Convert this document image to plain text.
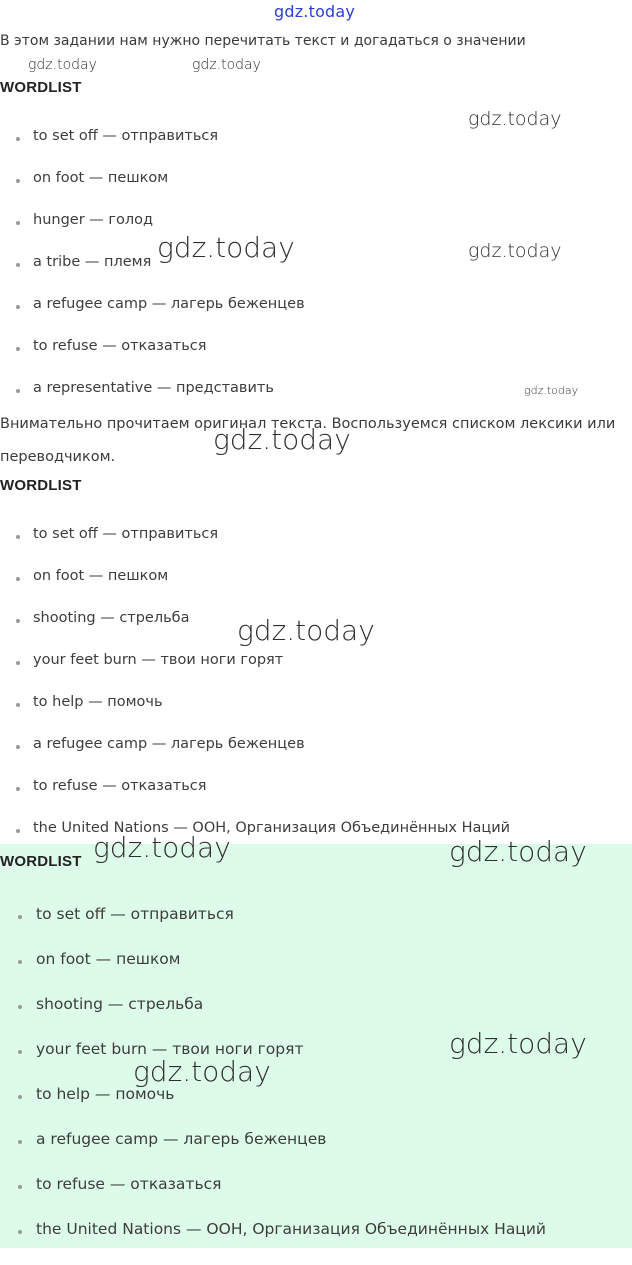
gdz.today
В этом задании нам нужно перечитать текст и догадаться о значении
WORDLIST
to set off — отправиться
on foot — пешком
hunger — голод
a tribe — племя
a refugee camp — лагерь беженцев
to refuse — отказаться
a representative — представить
Внимательно прочитаем оригинал текста. Воспользуемся списком лексики или переводчиком.
WORDLIST
to set off — отправиться
on foot — пешком
shooting — стрельба
your feet burn — твои ноги горят
to help — помочь
a refugee camp — лагерь беженцев
to refuse — отказаться
the United Nations — ООН, Организация Объединённых Наций
WORDLIST
to set off — отправиться
on foot — пешком
shooting — стрельба
your feet burn — твои ноги горят
to help — помочь
a refugee camp — лагерь беженцев
to refuse — отказаться
the United Nations — ООН, Организация Объединённых Наций
gdz.today	gdz.today
gdz.today
gdz.today	gdz.today
gdz.today
gdz.today
gdz.today
gdz.today	gdz.today
gdz.today
gdz.today
